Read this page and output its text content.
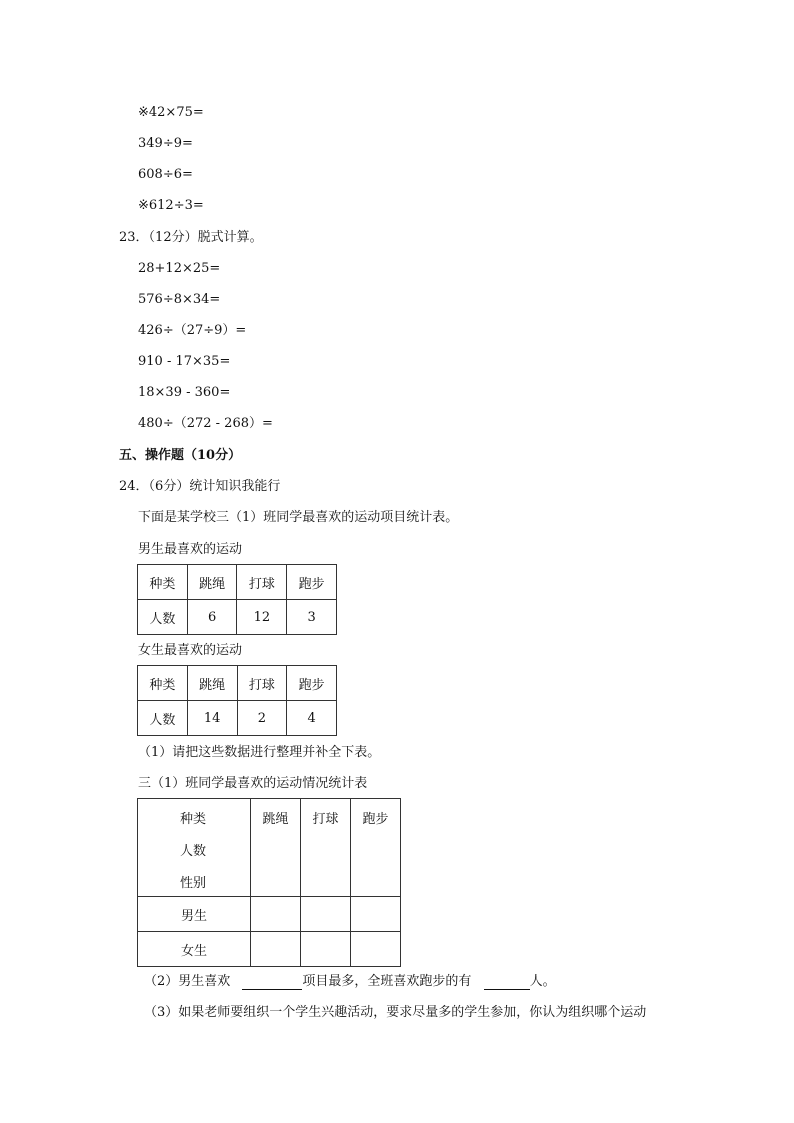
※42×75=
349÷9=
608÷6=
※612÷3=
23．（12分）脱式计算。
28+12×25=
576÷8×34=
426÷（27÷9）=
910 - 17×35=
18×39 - 360=
480÷（272 - 268）=
五、操作题（10分）
24．（6分）统计知识我能行
下面是某学校三（1）班同学最喜欢的运动项目统计表。
男生最喜欢的运动
种类	跳绳	打球	跑步
人数	6	12	3
女生最喜欢的运动
种类	跳绳	打球	跑步
人数	14	2	4
（1）请把这些数据进行整理并补全下表。
三（1）班同学最喜欢的运动情况统计表
种类
人数
性别	跳绳	打球	跑步
男生			
女生			
（2）男生喜欢	项目最多，全班喜欢跑步的有	人。
（3）如果老师要组织一个学生兴趣活动，要求尽量多的学生参加，你认为组织哪个运动
